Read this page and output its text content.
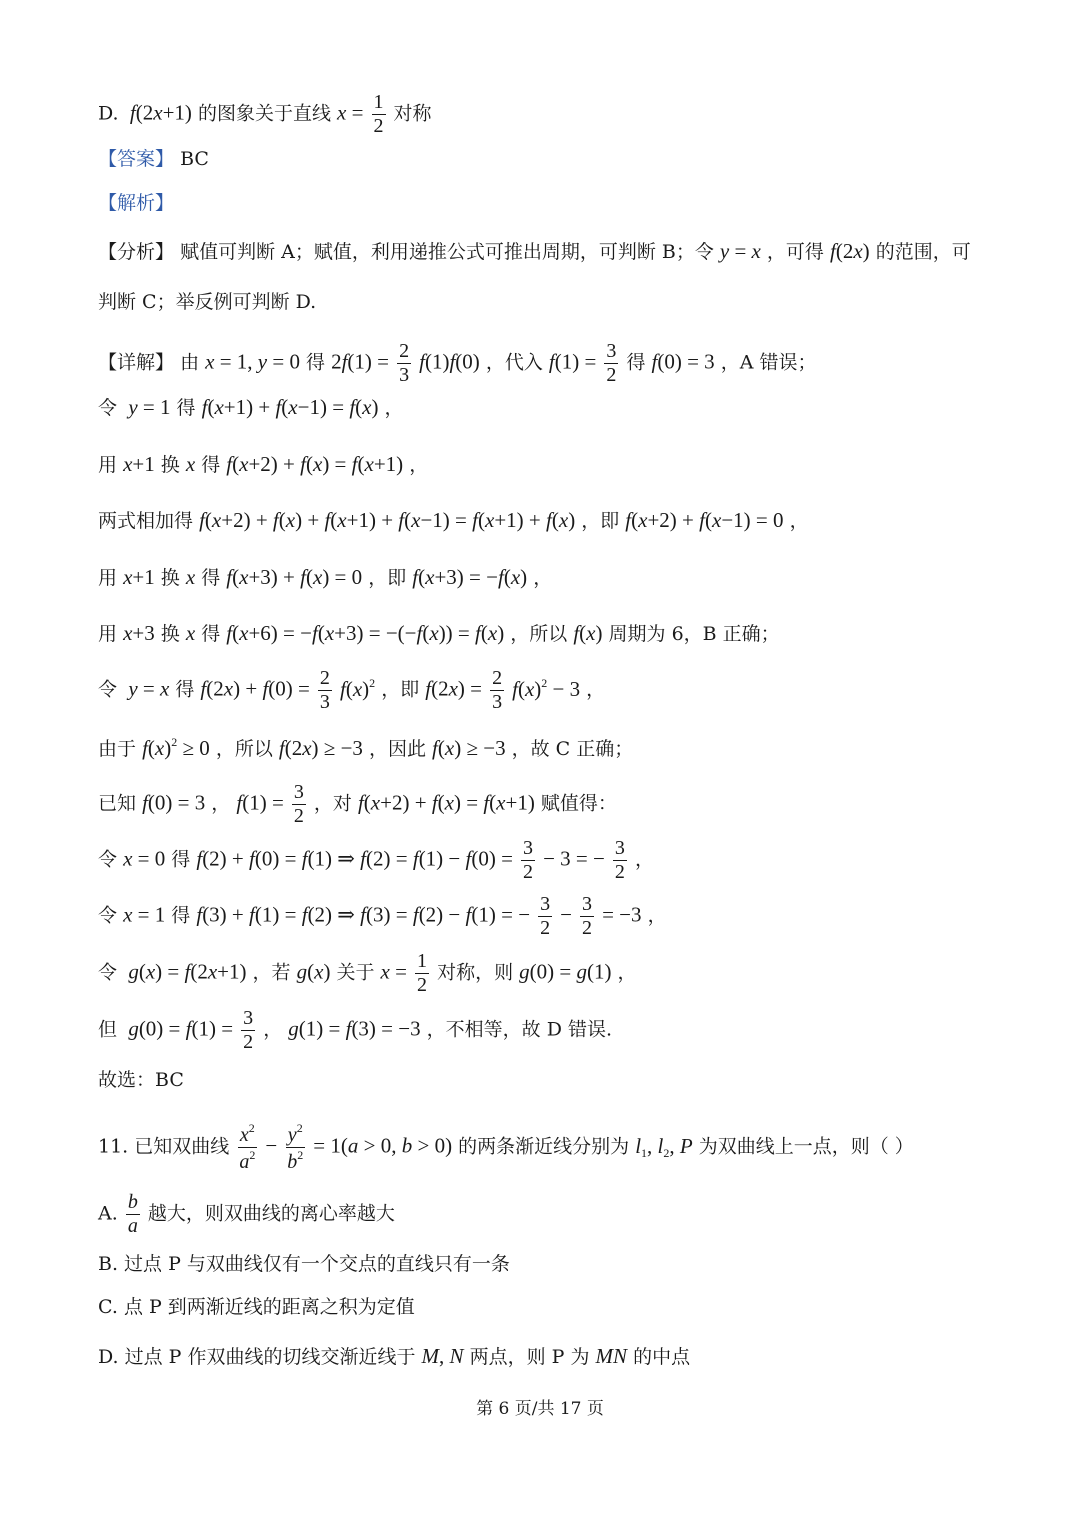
D. f(2x+1) 的图象关于直线 $x = \frac{1}{2}$ 对称
【答案】 BC
【解析】
【分析】 赋值可判断 A；赋值，利用递推公式可推出周期，可判断 B；令 y = x ，可得 f(2x) 的范围，可
判断 C；举反例可判断 D.
【详解】 由 x = 1, y = 0 得 $2f(1) = \frac{2}{3} f(1)f(0)$ ，代入 $f(1) = \frac{3}{2}$ 得 f(0) = 3 ，A 错误；
令 y = 1 得 f(x+1) + f(x−1) = f(x) ，
用 x+1 换 x 得 f(x+2) + f(x) = f(x+1) ，
两式相加得 f(x+2) + f(x) + f(x+1) + f(x−1) = f(x+1) + f(x) ，即 f(x+2) + f(x−1) = 0 ，
用 x+1 换 x 得 f(x+3) + f(x) = 0 ，即 f(x+3) = −f(x) ，
用 x+3 换 x 得 f(x+6) = −f(x+3) = −(−f(x)) = f(x) ，所以 f(x) 周期为 6，B 正确；
令 y = x 得 $f(2x) + f(0) = \frac{2}{3} f(x)^2$ ，即 $f(2x) = \frac{2}{3} f(x)^2 - 3$ ，
由于 $f(x)^2 \ge 0$ ，所以 f(2x) ≥ −3 ，因此 f(x) ≥ −3 ，故 C 正确；
已知 f(0) = 3 ， $f(1) = \frac{3}{2}$ ，对 f(x+2) + f(x) = f(x+1) 赋值得：
令 x = 0 得 f(2) + f(0) = f(1) ⇒ $f(2) = f(1) - f(0) = \frac{3}{2} - 3$ = − $\frac{3}{2}$ ，
令 x = 1 得 f(3) + f(1) = f(2) ⇒ f(3) = f(2) − f(1) = − $\frac{3}{2} - \frac{3}{2} = -3$ ，
令 g(x) = f(2x+1) ，若 g(x) 关于 $x = \frac{1}{2}$ 对称，则 g(0) = g(1) ，
但 $g(0) = f(1) = \frac{3}{2}$ ， g(1) = f(3) = −3 ，不相等，故 D 错误.
故选：BC
11. 已知双曲线 $\frac{x^2}{a^2} - \frac{y^2}{b^2} = 1(a > 0$, b > 0) 的两条渐近线分别为 $l_1$, $l_2$, P 为双曲线上一点，则（ ）
A. $\frac{b}{a}$ 越大，则双曲线的离心率越大
B. 过点 P 与双曲线仅有一个交点的直线只有一条
C. 点 P 到两渐近线的距离之积为定值
D. 过点 P 作双曲线的切线交渐近线于 M, N 两点，则 P 为 MN 的中点
第 6 页/共 17 页
